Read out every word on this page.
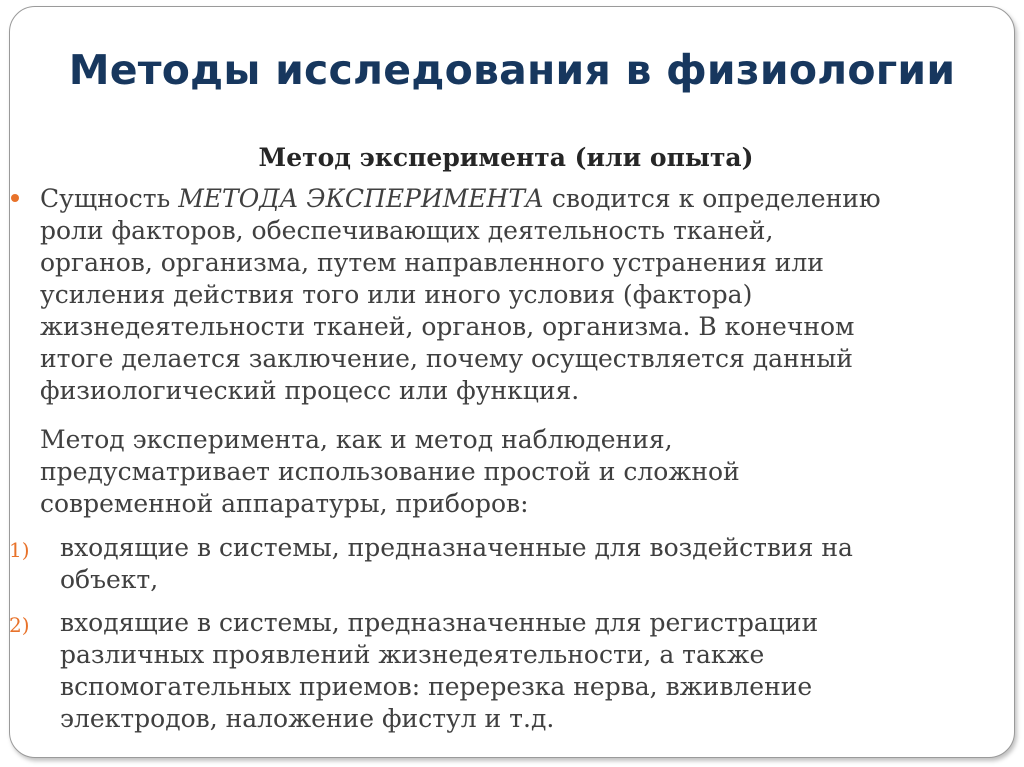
Методы исследования в физиологии
Метод эксперимента (или опыта)
Сущность МЕТОДА ЭКСПЕРИМЕНТА сводится к определению
роли факторов, обеспечивающих деятельность тканей,
органов, организма, путем направленного устранения или
усиления действия того или иного условия (фактора)
жизнедеятельности тканей, органов, организма. В конечном
итоге делается заключение, почему осуществляется данный
физиологический процесс или функция.
Метод эксперимента, как и метод наблюдения,
предусматривает использование простой и сложной
современной аппаратуры, приборов:
1) входящие в системы, предназначенные для воздействия на
объект,
2) входящие в системы, предназначенные для регистрации
различных проявлений жизнедеятельности, а также
вспомогательных приемов: перерезка нерва, вживление
электродов, наложение фистул и т.д.
